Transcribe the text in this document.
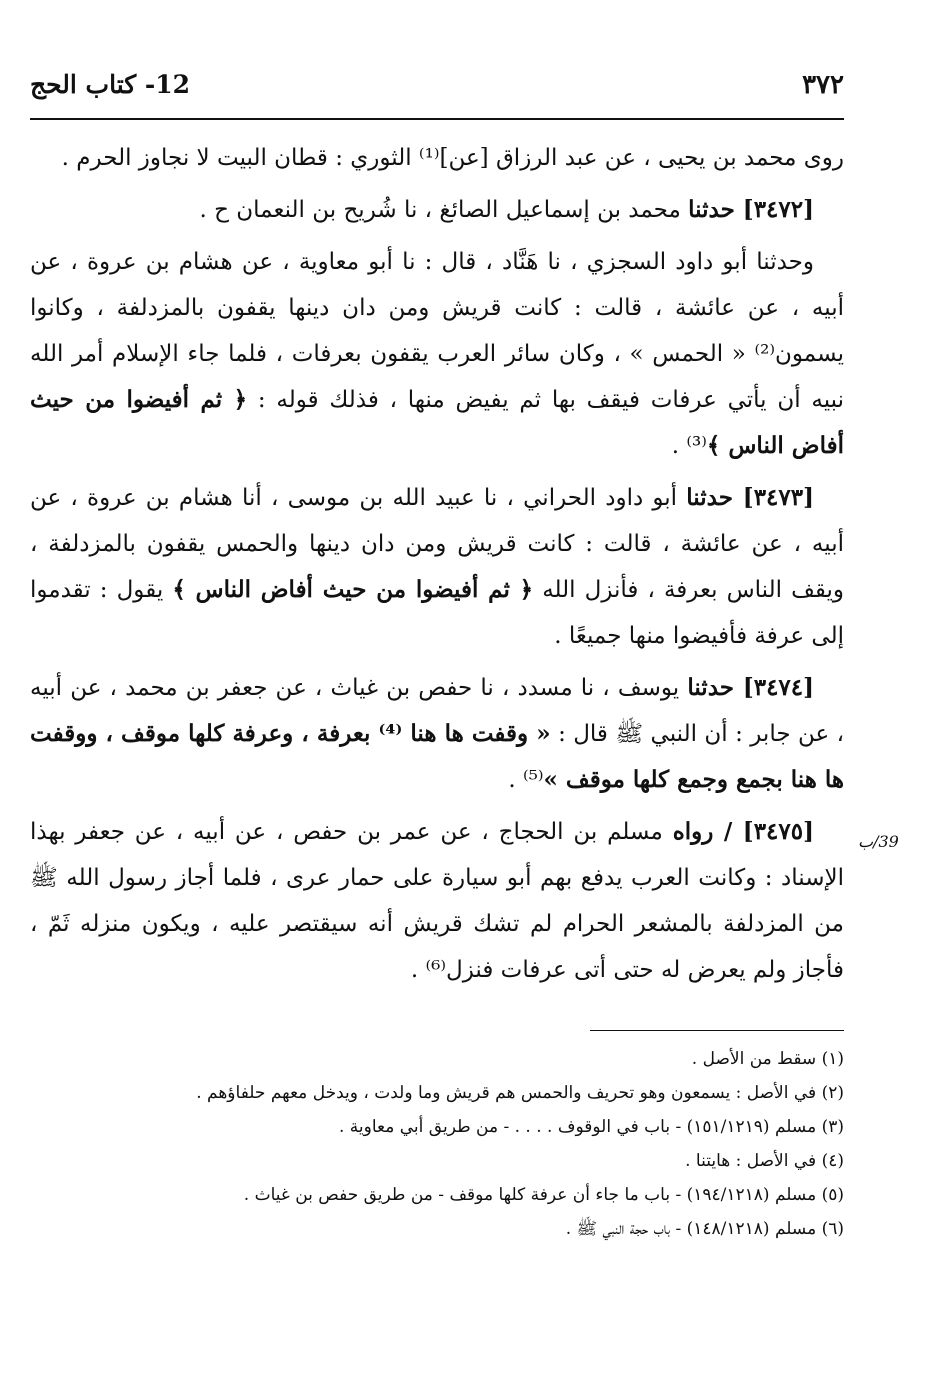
٣٧٢
12- كتاب الحج
39/ب

روى محمد بن يحيى ، عن عبد الرزاق [عن]⁽¹⁾ الثوري : قطان البيت لا نجاوز الحرم .

[٣٤٧٢] حدثنا محمد بن إسماعيل الصائغ ، نا شُريح بن النعمان ح .

وحدثنا أبو داود السجزي ، نا هَنَّاد ، قال : نا أبو معاوية ، عن هشام بن عروة ، عن أبيه ، عن عائشة ، قالت : كانت قريش ومن دان دينها يقفون بالمزدلفة ، وكانوا يسمون⁽²⁾ « الحمس » ، وكان سائر العرب يقفون بعرفات ، فلما جاء الإسلام أمر الله نبيه أن يأتي عرفات فيقف بها ثم يفيض منها ، فذلك قوله : ﴿ ثم أفيضوا من حيث أفاض الناس ﴾⁽³⁾ .

[٣٤٧٣] حدثنا أبو داود الحراني ، نا عبيد الله بن موسى ، أنا هشام بن عروة ، عن أبيه ، عن عائشة ، قالت : كانت قريش ومن دان دينها والحمس يقفون بالمزدلفة ، ويقف الناس بعرفة ، فأنزل الله ﴿ ثم أفيضوا من حيث أفاض الناس ﴾ يقول : تقدموا إلى عرفة فأفيضوا منها جميعًا .

[٣٤٧٤] حدثنا يوسف ، نا مسدد ، نا حفص بن غياث ، عن جعفر بن محمد ، عن أبيه ، عن جابر : أن النبي ﷺ قال : « وقفت ها هنا ⁽⁴⁾ بعرفة ، وعرفة كلها موقف ، ووقفت ها هنا بجمع وجمع كلها موقف »⁽⁵⁾ .

[٣٤٧٥] / رواه مسلم بن الحجاج ، عن عمر بن حفص ، عن أبيه ، عن جعفر بهذا الإسناد : وكانت العرب يدفع بهم أبو سيارة على حمار عرى ، فلما أجاز رسول الله ﷺ من المزدلفة بالمشعر الحرام لم تشك قريش أنه سيقتصر عليه ، ويكون منزله ثَمّ ، فأجاز ولم يعرض له حتى أتى عرفات فنزل⁽⁶⁾ .

(١) سقط من الأصل .

(٢) في الأصل : يسمعون وهو تحريف والحمس هم قريش وما ولدت ، ويدخل معهم حلفاؤهم .

(٣) مسلم (١٥١/١٢١٩) - باب في الوقوف . . . . - من طريق أبي معاوية .

(٤) في الأصل : هايتنا .

(٥) مسلم (١٩٤/١٢١٨) - باب ما جاء أن عرفة كلها موقف - من طريق حفص بن غياث .

(٦) مسلم (١٤٨/١٢١٨) - باب حجة النبي ﷺ .
